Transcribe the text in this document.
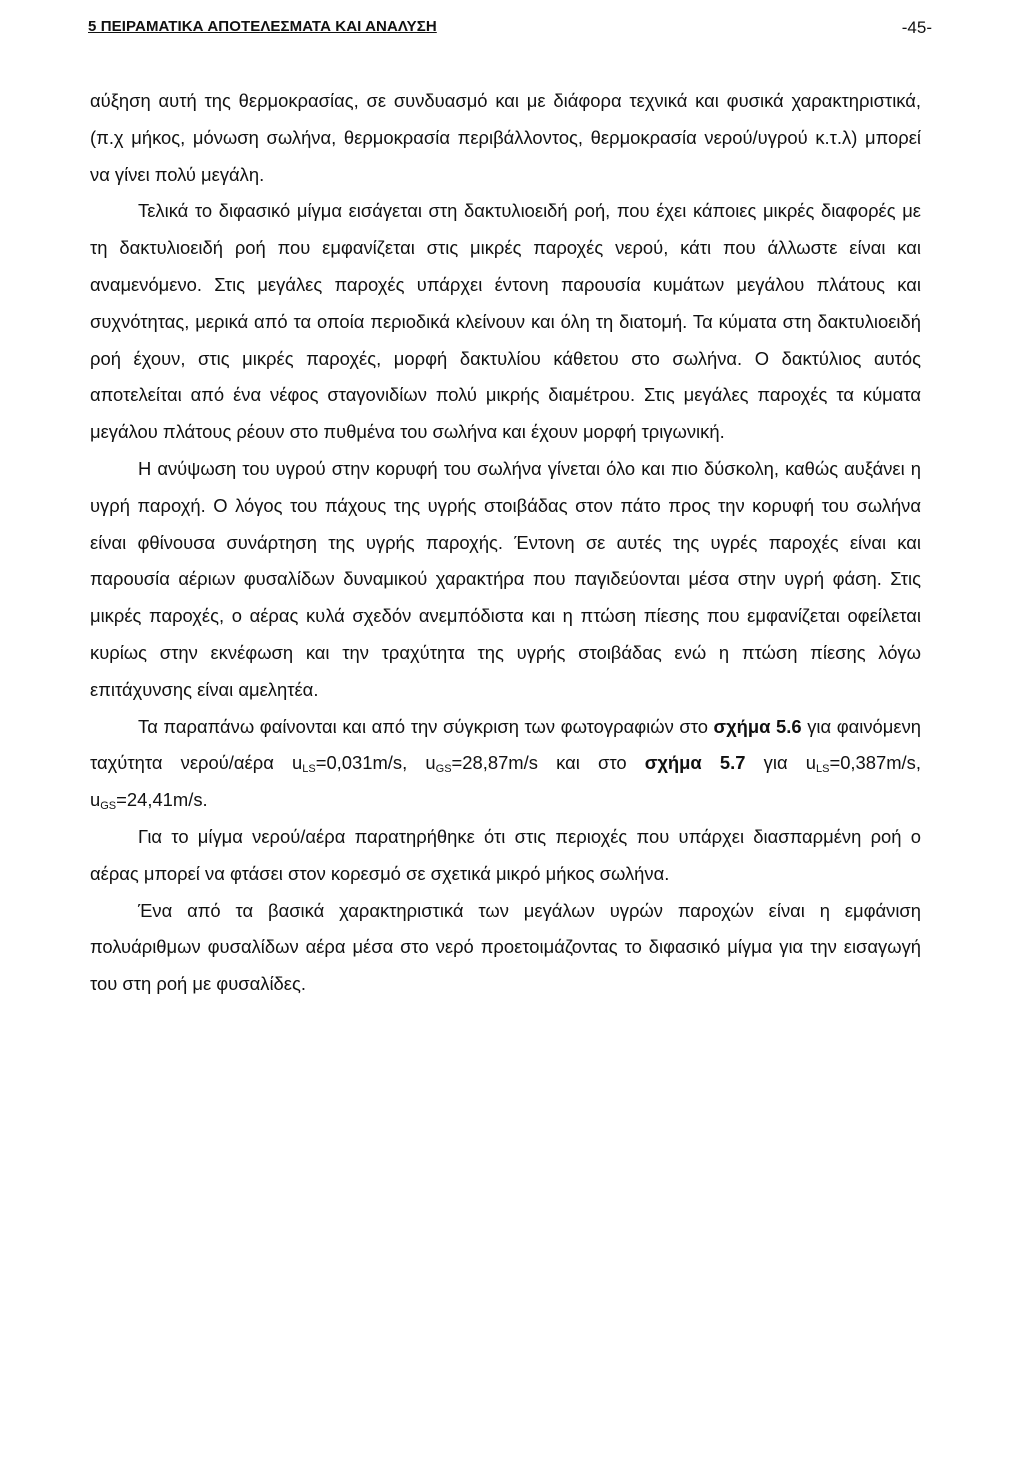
5 ΠΕΙΡΑΜΑΤΙΚΑ ΑΠΟΤΕΛΕΣΜΑΤΑ ΚΑΙ ΑΝΑΛΥΣΗ	-45-

αύξηση αυτή της θερμοκρασίας, σε συνδυασμό και με διάφορα τεχνικά και φυσικά χαρακτηριστικά, (π.χ μήκος, μόνωση σωλήνα, θερμοκρασία περιβάλλοντος, θερμοκρασία νερού/υγρού κ.τ.λ) μπορεί να γίνει πολύ μεγάλη.

Τελικά το διφασικό μίγμα εισάγεται στη δακτυλιοειδή ροή, που έχει κάποιες μικρές διαφορές με τη δακτυλιοειδή ροή που εμφανίζεται στις μικρές παροχές νερού, κάτι που άλλωστε είναι και αναμενόμενο. Στις μεγάλες παροχές υπάρχει έντονη παρουσία κυμάτων μεγάλου πλάτους και συχνότητας, μερικά από τα οποία περιοδικά κλείνουν και όλη τη διατομή. Τα κύματα στη δακτυλιοειδή ροή έχουν, στις μικρές παροχές, μορφή δακτυλίου κάθετου στο σωλήνα. Ο δακτύλιος αυτός αποτελείται από ένα νέφος σταγονιδίων πολύ μικρής διαμέτρου. Στις μεγάλες παροχές τα κύματα μεγάλου πλάτους ρέουν στο πυθμένα του σωλήνα και έχουν μορφή τριγωνική.

Η ανύψωση του υγρού στην κορυφή του σωλήνα γίνεται όλο και πιο δύσκολη, καθώς αυξάνει η υγρή παροχή. Ο λόγος του πάχους της υγρής στοιβάδας στον πάτο προς την κορυφή του σωλήνα είναι φθίνουσα συνάρτηση της υγρής παροχής. Έντονη σε αυτές της υγρές παροχές είναι και παρουσία αέριων φυσαλίδων δυναμικού χαρακτήρα που παγιδεύονται μέσα στην υγρή φάση. Στις μικρές παροχές, ο αέρας κυλά σχεδόν ανεμπόδιστα και η πτώση πίεσης που εμφανίζεται οφείλεται κυρίως στην εκνέφωση και την τραχύτητα της υγρής στοιβάδας ενώ η πτώση πίεσης λόγω επιτάχυνσης είναι αμελητέα.

Τα παραπάνω φαίνονται και από την σύγκριση των φωτογραφιών στο σχήμα 5.6 για φαινόμενη ταχύτητα νερού/αέρα $u_{LS}=0,031m/s$, $u_{GS}=28,87m/s$ και στο σχήμα 5.7 για $u_{LS}=0,387m/s$, $u_{GS}=24,41m/s$.

Για το μίγμα νερού/αέρα παρατηρήθηκε ότι στις περιοχές που υπάρχει διασπαρμένη ροή ο αέρας μπορεί να φτάσει στον κορεσμό σε σχετικά μικρό μήκος σωλήνα.

Ένα από τα βασικά χαρακτηριστικά των μεγάλων υγρών παροχών είναι η εμφάνιση πολυάριθμων φυσαλίδων αέρα μέσα στο νερό προετοιμάζοντας το διφασικό μίγμα για την εισαγωγή του στη ροή με φυσαλίδες.
